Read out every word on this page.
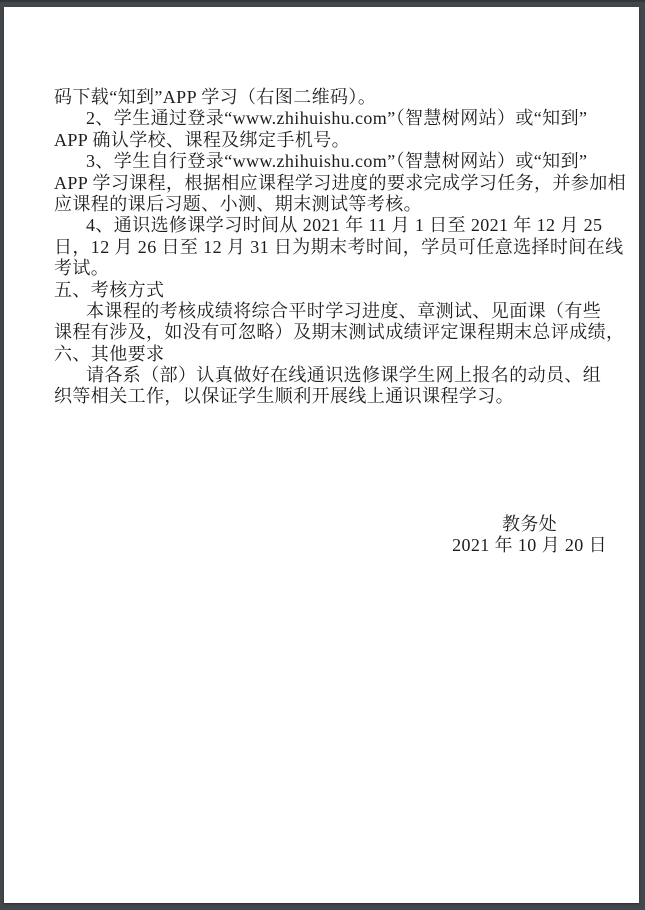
码下载“知到”APP 学习（右图二维码）。
2、学生通过登录“www.zhihuishu.com”（智慧树网站）或“知到”
APP 确认学校、课程及绑定手机号。
3、学生自行登录“www.zhihuishu.com”（智慧树网站）或“知到”
APP 学习课程，根据相应课程学习进度的要求完成学习任务，并参加相
应课程的课后习题、小测、期末测试等考核。
4、通识选修课学习时间从 2021 年 11 月 1 日至 2021 年 12 月 25
日，12 月 26 日至 12 月 31 日为期末考时间，学员可任意选择时间在线
考试。
五、考核方式
本课程的考核成绩将综合平时学习进度、章测试、见面课（有些
课程有涉及，如没有可忽略）及期末测试成绩评定课程期末总评成绩，
六、其他要求
请各系（部）认真做好在线通识选修课学生网上报名的动员、组
织等相关工作，以保证学生顺利开展线上通识课程学习。
教务处
2021 年 10 月 20 日
